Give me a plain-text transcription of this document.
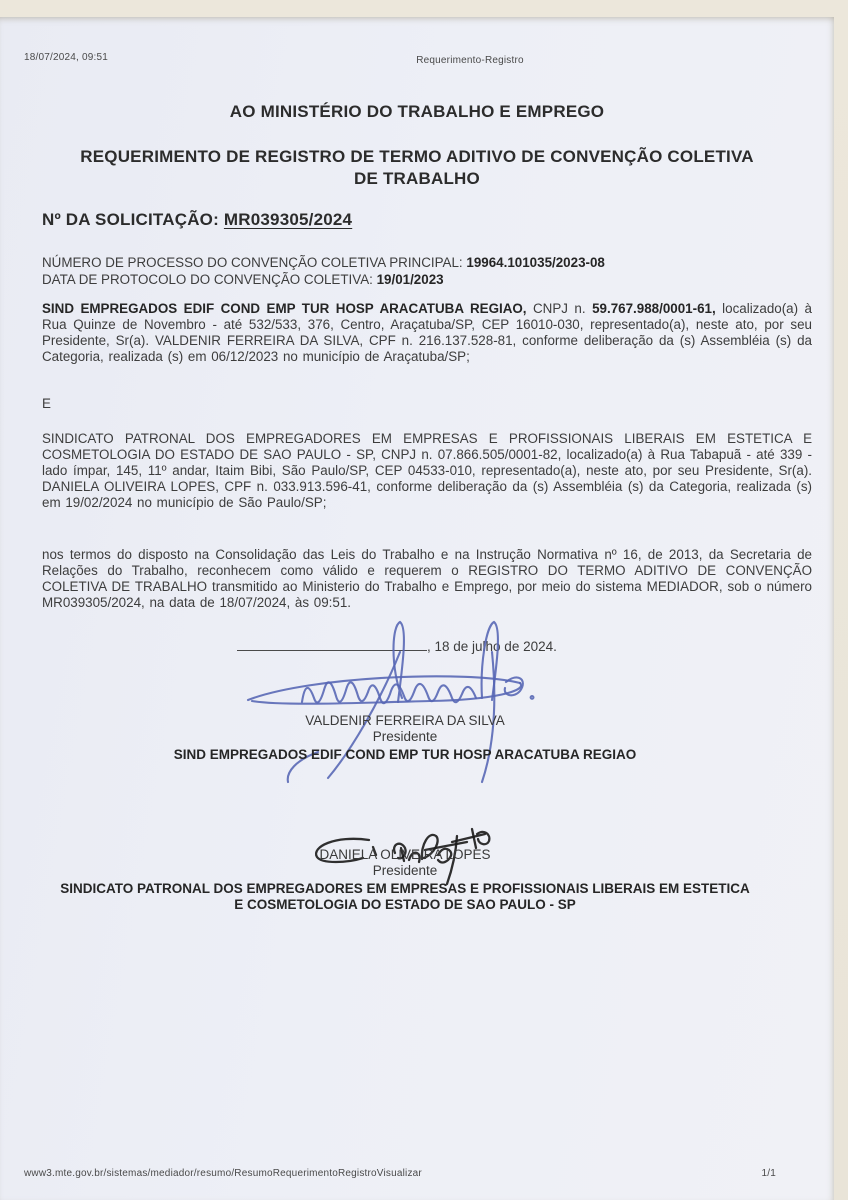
18/07/2024, 09:51	Requerimento-Registro
AO MINISTÉRIO DO TRABALHO E EMPREGO
REQUERIMENTO DE REGISTRO DE TERMO ADITIVO DE CONVENÇÃO COLETIVA DE TRABALHO
Nº DA SOLICITAÇÃO: MR039305/2024
NÚMERO DE PROCESSO DO CONVENÇÃO COLETIVA PRINCIPAL: 19964.101035/2023-08
DATA DE PROTOCOLO DO CONVENÇÃO COLETIVA: 19/01/2023

SIND EMPREGADOS EDIF COND EMP TUR HOSP ARACATUBA REGIAO, CNPJ n. 59.767.988/0001-61, localizado(a) à Rua Quinze de Novembro - até 532/533, 376, Centro, Araçatuba/SP, CEP 16010-030, representado(a), neste ato, por seu Presidente, Sr(a). VALDENIR FERREIRA DA SILVA, CPF n. 216.137.528-81, conforme deliberação da (s) Assembléia (s) da Categoria, realizada (s) em 06/12/2023 no município de Araçatuba/SP;

E

SINDICATO PATRONAL DOS EMPREGADORES EM EMPRESAS E PROFISSIONAIS LIBERAIS EM ESTETICA E COSMETOLOGIA DO ESTADO DE SAO PAULO - SP, CNPJ n. 07.866.505/0001-82, localizado(a) à Rua Tabapuã - até 339 - lado ímpar, 145, 11º andar, Itaim Bibi, São Paulo/SP, CEP 04533-010, representado(a), neste ato, por seu Presidente, Sr(a). DANIELA OLIVEIRA LOPES, CPF n. 033.913.596-41, conforme deliberação da (s) Assembléia (s) da Categoria, realizada (s) em 19/02/2024 no município de São Paulo/SP;

nos termos do disposto na Consolidação das Leis do Trabalho e na Instrução Normativa nº 16, de 2013, da Secretaria de Relações do Trabalho, reconhecem como válido e requerem o REGISTRO DO TERMO ADITIVO DE CONVENÇÃO COLETIVA DE TRABALHO transmitido ao Ministerio do Trabalho e Emprego, por meio do sistema MEDIADOR, sob o número MR039305/2024, na data de 18/07/2024, às 09:51.

, 18 de julho de 2024.
VALDENIR FERREIRA DA SILVA
Presidente
SIND EMPREGADOS EDIF COND EMP TUR HOSP ARACATUBA REGIAO
DANIELA OLIVEIRA LOPES
Presidente
SINDICATO PATRONAL DOS EMPREGADORES EM EMPRESAS E PROFISSIONAIS LIBERAIS EM ESTETICA E COSMETOLOGIA DO ESTADO DE SAO PAULO - SP
www3.mte.gov.br/sistemas/mediador/resumo/ResumoRequerimentoRegistroVisualizar	1/1
